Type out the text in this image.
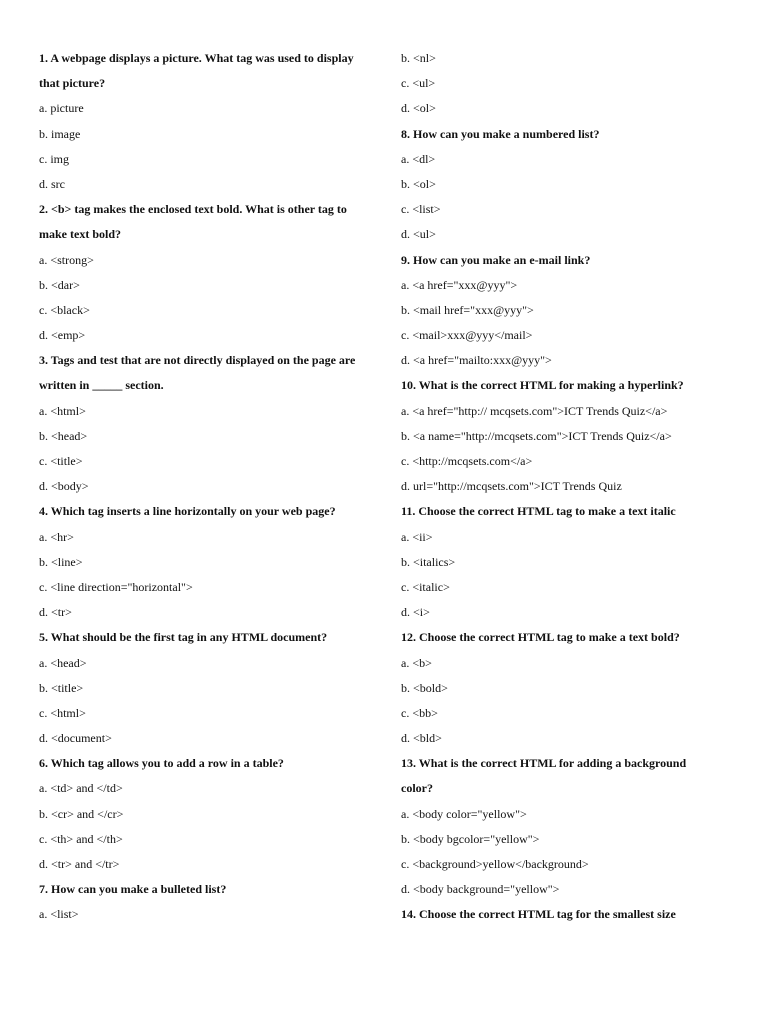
1. A webpage displays a picture. What tag was used to display
that picture?
a. picture
b. image
c. img
d. src
2. <b> tag makes the enclosed text bold. What is other tag to
make text bold?
a. <strong>
b. <dar>
c. <black>
d. <emp>
3. Tags and test that are not directly displayed on the page are
written in _____ section.
a. <html>
b. <head>
c. <title>
d. <body>
4. Which tag inserts a line horizontally on your web page?
a. <hr>
b. <line>
c. <line direction="horizontal">
d. <tr>
5. What should be the first tag in any HTML document?
a. <head>
b. <title>
c. <html>
d. <document>
6. Which tag allows you to add a row in a table?
a. <td> and </td>
b. <cr> and </cr>
c. <th> and </th>
d. <tr> and </tr>
7. How can you make a bulleted list?
a. <list>
b. <nl>
c. <ul>
d. <ol>
8. How can you make a numbered list?
a. <dl>
b. <ol>
c. <list>
d. <ul>
9. How can you make an e-mail link?
a. <a href="xxx@yyy">
b. <mail href="xxx@yyy">
c. <mail>xxx@yyy</mail>
d. <a href="mailto:xxx@yyy">
10. What is the correct HTML for making a hyperlink?
a. <a href="http:// mcqsets.com">ICT Trends Quiz</a>
b. <a name="http://mcqsets.com">ICT Trends Quiz</a>
c. <http://mcqsets.com</a>
d. url="http://mcqsets.com">ICT Trends Quiz
11. Choose the correct HTML tag to make a text italic
a. <ii>
b. <italics>
c. <italic>
d. <i>
12. Choose the correct HTML tag to make a text bold?
a. <b>
b. <bold>
c. <bb>
d. <bld>
13. What is the correct HTML for adding a background
color?
a. <body color="yellow">
b. <body bgcolor="yellow">
c. <background>yellow</background>
d. <body background="yellow">
14. Choose the correct HTML tag for the smallest size
